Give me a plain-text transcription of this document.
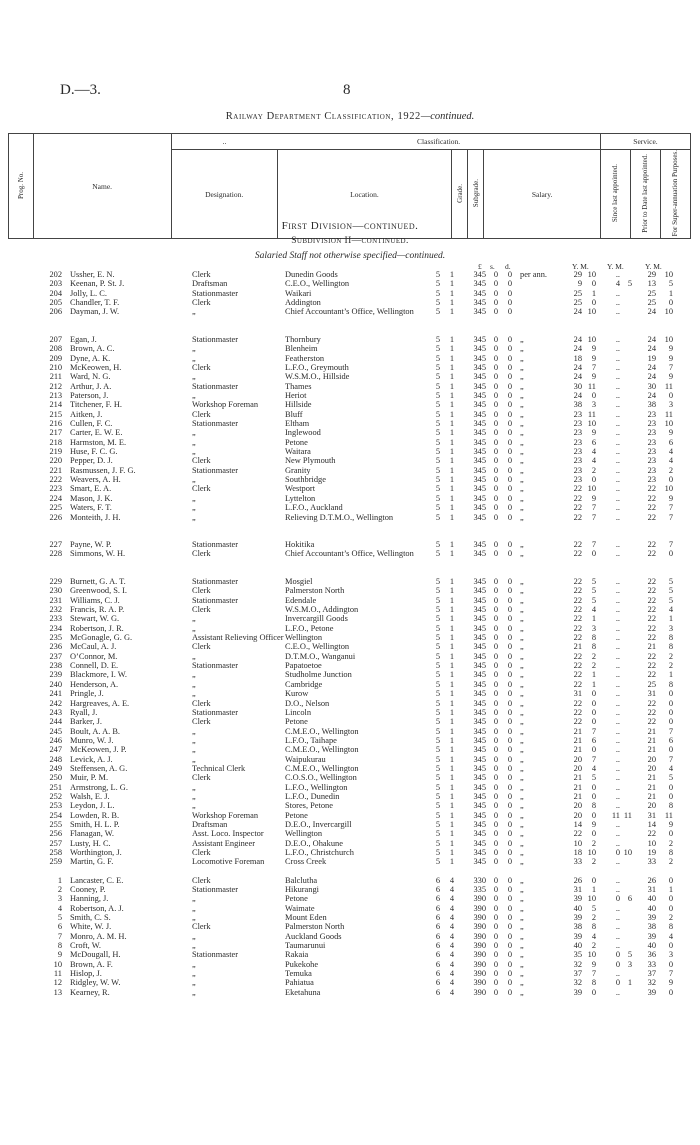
D.—3.	8
Railway Department Classification, 1922—continued.
Prog. No.	Name.	..	Classification.				Service.		
		Designation.	Location.	Grade.	Subgrade.	Salary.	Since last appointed.	Prior to Date last appointed.	For Super-annuation Purposes.
First Division—continued.
Subdivision II—continued.
Salaried Staff not otherwise specified—continued.
£ s. d.	Y. M. Y. M.	Y. M.
202 Ussher, E. N.	Clerk	Dunedin Goods	5 1	345 0	0 per ann.	29 10	..	29	10
203 Keenan, P. St. J.	Draftsman	C.E.O., Wellington	5 1	345 0	0	9	0	4 5	13	5
204 Jolly, L. C.	Stationmaster	Waikari	5 1	345 0	0	25	1	..	25	1
205 Chandler, T. F.	Clerk	Addington	5 1	345 0	0	25	0	..	25	0
206 Dayman, J. W.	„	Chief Accountant’s Office, Wellington	5 1	345 0	0	24 10	..	24	10
207 Egan, J.	Stationmaster	Thornbury	5 1	345 0	0 „	24 10	..	24	10
208 Brown, A. C.	„	Blenheim	5 1	345 0	0 „	24	9	..	24	9
209 Dyne, A. K.	„	Featherston	5 1	345 0	0 „	18	9	..	19	9
210 McKeowen, H.	Clerk	L.F.O., Greymouth	5 1	345 0	0 „	24	7	..	24	7
211 Ward, N. G.	„	W.S.M.O., Hillside	5 1	345 0	0 „	24	9	..	24	9
212 Arthur, J. A.	Stationmaster	Thames	5 1	345 0	0 „	30 11	..	30	11
213 Paterson, J.	„	Heriot	5 1	345 0	0 „	24	0	..	24	0
214 Titchener, F. H.	Workshop Foreman	Hillside	5 1	345 0	0 „	38	3	..	38	3
215 Aitken, J.	Clerk	Bluff	5 1	345 0	0 „	23 11	..	23	11
216 Cullen, F. C.	Stationmaster	Eltham	5 1	345 0	0 „	23 10	..	23	10
217 Carter, E. W. E.	„	Inglewood	5 1	345 0	0 „	23	9	..	23	9
218 Harmston, M. E.	„	Petone	5 1	345 0	0 „	23	6	..	23	6
219 Huse, F. C. G.	„	Waitara	5 1	345 0	0 „	23	4	..	23	4
220 Pepper, D. J.	Clerk	New Plymouth	5 1	345 0	0 „	23	4	..	23	4
221 Rasmussen, J. F. G.	Stationmaster	Granity	5 1	345 0	0 „	23	2	..	23	2
222 Weavers, A. H.	„	Southbridge	5 1	345 0	0 „	23	0	..	23	0
223 Smart, E. A.	Clerk	Westport	5 1	345 0	0 „	22 10	..	22	10
224 Mason, J. K.	„	Lyttelton	5 1	345 0	0 „	22	9	..	22	9
225 Waters, F. T.	„	L.F.O., Auckland	5 1	345 0	0 „	22	7	..	22	7
226 Monteith, J. H.	„	Relieving D.T.M.O., Wellington	5 1	345 0	0 „	22	7	..	22	7
227 Payne, W. P.	Stationmaster	Hokitika	5 1	345 0	0 „	22	7	..	22	7
228 Simmons, W. H.	Clerk	Chief Accountant’s Office, Wellington	5 1	345 0	0 „	22	0	..	22	0
229 Burnett, G. A. T.	Stationmaster	Mosgiel	5 1	345 0	0 „	22	5	..	22	5
230 Greenwood, S. I.	Clerk	Palmerston North	5 1	345 0	0 „	22	5	..	22	5
231 Williams, C. J.	Stationmaster	Edendale	5 1	345 0	0 „	22	5	..	22	5
232 Francis, R. A. P.	Clerk	W.S.M.O., Addington	5 1	345 0	0 „	22	4	..	22	4
233 Stewart, W. G.	„	Invercargill Goods	5 1	345 0	0 „	22	1	..	22	1
234 Robertson, J. R.	„	L.F.O., Petone	5 1	345 0	0 „	22	3	..	22	3
235 McGonagle, G. G.	Assistant Relieving Officer Wellington	5 1	345 0	0 „	22	8	..	22	8
236 McCaul, A. J.	Clerk	C.E.O., Wellington	5 1	345 0	0 „	21	8	..	21	8
237 O’Connor, M.	„	D.T.M.O., Wanganui	5 1	345 0	0 „	22	2	..	22	2
238 Connell, D. E.	Stationmaster	Papatoetoe	5 1	345 0	0 „	22	2	..	22	2
239 Blackmore, I. W.	„	Studholme Junction	5 1	345 0	0 „	22	1	..	22	1
240 Henderson, A.	„	Cambridge	5 1	345 0	0 „	22	1	..	25	8
241 Pringle, J.	„	Kurow	5 1	345 0	0 „	31	0	..	31	0
242 Hargreaves, A. E.	Clerk	D.O., Nelson	5 1	345 0	0 „	22	0	..	22	0
243 Ryall, J.	Stationmaster	Lincoln	5 1	345 0	0 „	22	0	..	22	0
244 Barker, J.	Clerk	Petone	5 1	345 0	0 „	22	0	..	22	0
245 Boult, A. A. B.	„	C.M.E.O., Wellington	5 1	345 0	0 „	21	7	..	21	7
246 Munro, W. J.	„	L.F.O., Taihape	5 1	345 0	0 „	21	6	..	21	6
247 McKeowen, J. P.	„	C.M.E.O., Wellington	5 1	345 0	0 „	21	0	..	21	0
248 Levick, A. J.	„	Waipukurau	5 1	345 0	0 „	20	7	..	20	7
249 Steffensen, A. G.	Technical Clerk	C.M.E.O., Wellington	5 1	345 0	0 „	20	4	..	20	4
250 Muir, P. M.	Clerk	C.O.S.O., Wellington	5 1	345 0	0 „	21	5	..	21	5
251 Armstrong, L. G.	„	L.F.O., Wellington	5 1	345 0	0 „	21	0	..	21	0
252 Walsh, E. J.	„	L.F.O., Dunedin	5 1	345 0	0 „	21	0	..	21	0
253 Leydon, J. L.	„	Stores, Petone	5 1	345 0	0 „	20	8	..	20	8
254 Lowden, R. B.	Workshop Foreman	Petone	5 1	345 0	0 „	20	0	11 11	31	11
255 Smith, H. L. P.	Draftsman	D.E.O., Invercargill	5 1	345 0	0 „	14	9	..	14	9
256 Flanagan, W.	Asst. Loco. Inspector	Wellington	5 1	345 0	0 „	22	0	..	22	0
257 Lusty, H. C.	Assistant Engineer	D.E.O., Ohakune	5 1	345 0	0 „	10	2	..	10	2
258 Worthington, J.	Clerk	L.F.O., Christchurch	5 1	345 0	0 „	18 10	0 10	19	8
259 Martin, G. F.	Locomotive Foreman	Cross Creek	5 1	345 0	0 „	33	2	..	33	2
1 Lancaster, C. E.	Clerk	Balclutha	6 4	330 0	0 „	26	0	..	26	0
2 Cooney, P.	Stationmaster	Hikurangi	6 4	335 0	0 „	31	1	..	31	1
3 Hanning, J.	„	Petone	6 4	390 0	0 „	39 10	0 6	40	0
4 Robertson, A. J.	„	Waimate	6 4	390 0	0 „	40	5	..	40	0
5 Smith, C. S.	„	Mount Eden	6 4	390 0	0 „	39	2	..	39	2
6 White, W. J.	Clerk	Palmerston North	6 4	390 0	0 „	38	8	..	38	8
7 Monro, A. M. H.	„	Auckland Goods	6 4	390 0	0 „	39	4	..	39	4
8 Croft, W.	„	Taumarunui	6 4	390 0	0 „	40	2	..	40	0
9 McDougall, H.	Stationmaster	Rakaia	6 4	390 0	0 „	35 10	0 5	36	3
10 Brown, A. F.	„	Pukekohe	6 4	390 0	0 „	32	9	0 3	33	0
11 Hislop, J.	„	Temuka	6 4	390 0	0 „	37	7	..	37	7
12 Ridgley, W. W.	„	Pahiatua	6 4	390 0	0 „	32	8	0 1	32	9
13 Kearney, R.	„	Eketahuna	6 4	390 0	0 „	39	0	..	39	0
